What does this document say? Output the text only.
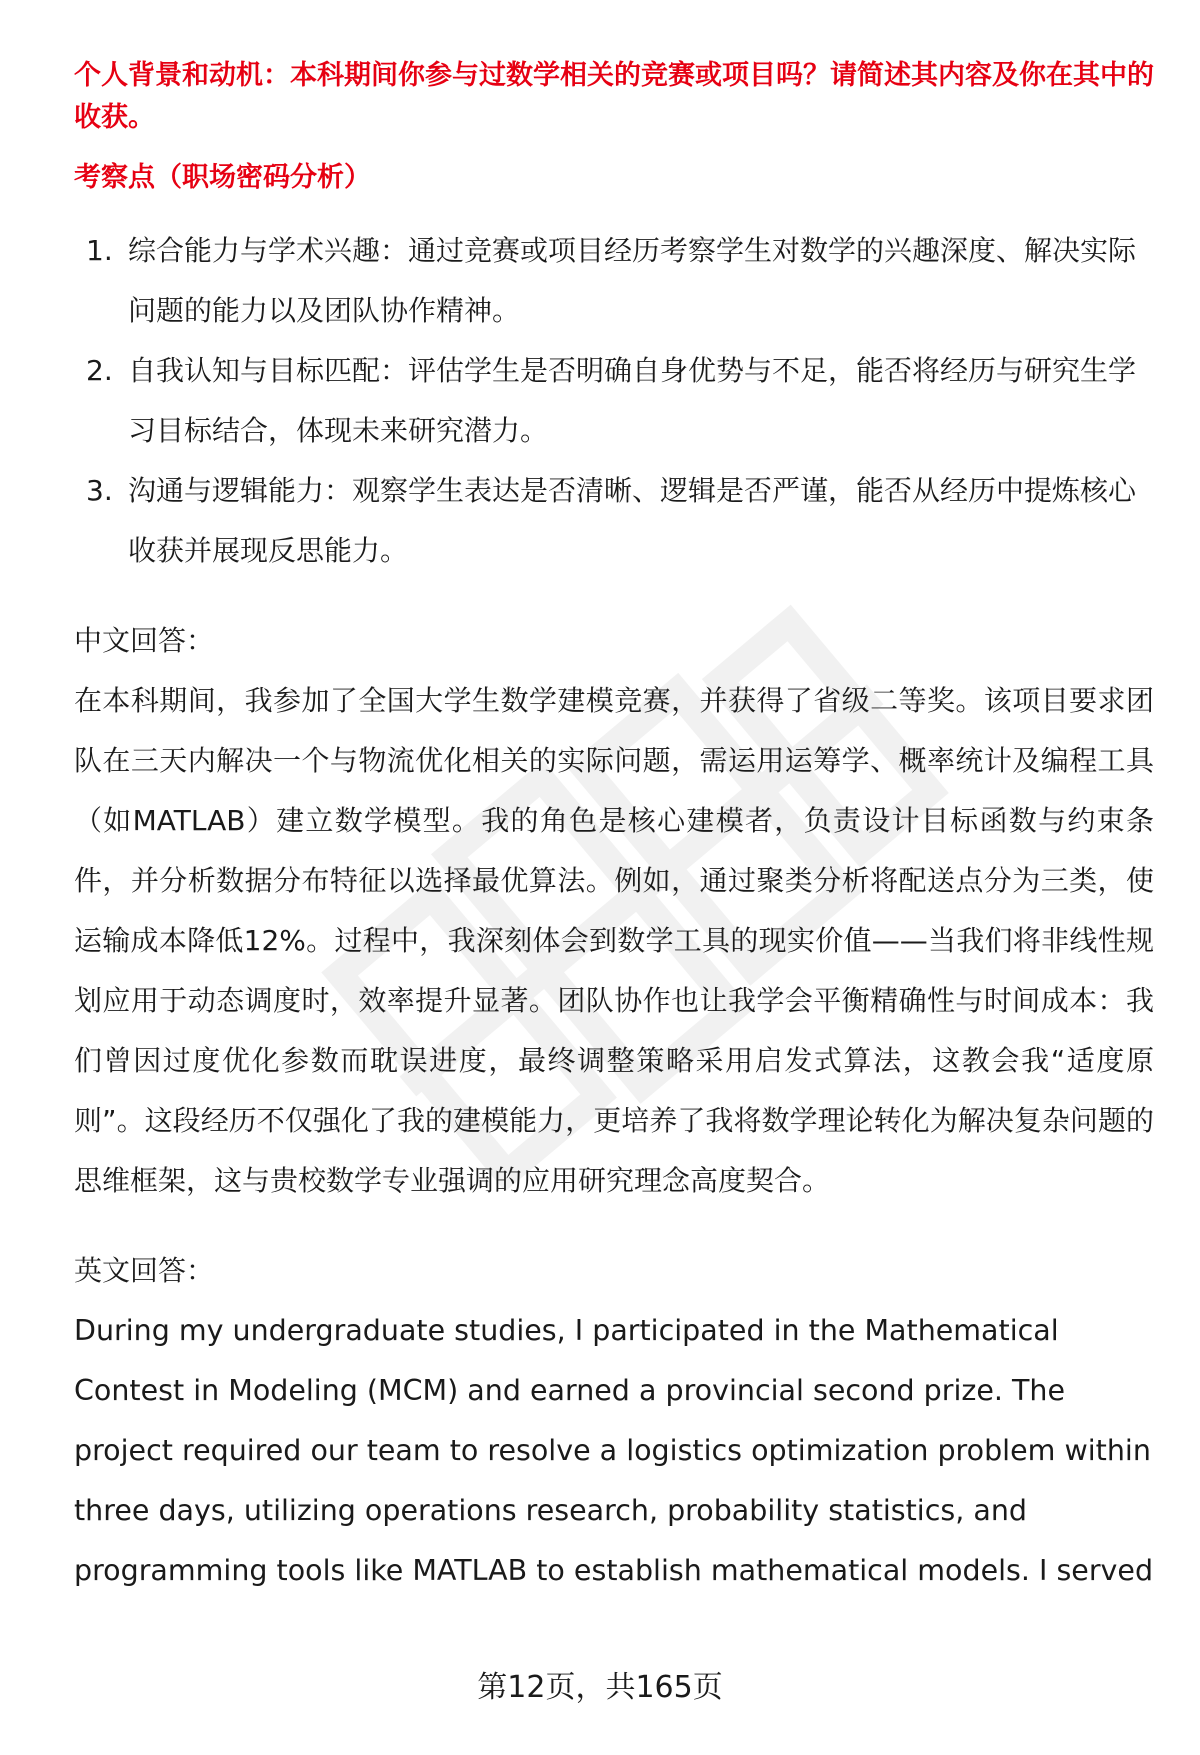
个人背景和动机：本科期间你参与过数学相关的竞赛或项目吗？请简述其内容及你在其中的收获。

考察点（职场密码分析）

1. 综合能力与学术兴趣：通过竞赛或项目经历考察学生对数学的兴趣深度、解决实际问题的能力以及团队协作精神。
2. 自我认知与目标匹配：评估学生是否明确自身优势与不足，能否将经历与研究生学习目标结合，体现未来研究潜力。
3. 沟通与逻辑能力：观察学生表达是否清晰、逻辑是否严谨，能否从经历中提炼核心收获并展现反思能力。

中文回答：

在本科期间，我参加了全国大学生数学建模竞赛，并获得了省级二等奖。该项目要求团队在三天内解决一个与物流优化相关的实际问题，需运用运筹学、概率统计及编程工具（如MATLAB）建立数学模型。我的角色是核心建模者，负责设计目标函数与约束条件，并分析数据分布特征以选择最优算法。例如，通过聚类分析将配送点分为三类，使运输成本降低12%。过程中，我深刻体会到数学工具的现实价值——当我们将非线性规划应用于动态调度时，效率提升显著。团队协作也让我学会平衡精确性与时间成本：我们曾因过度优化参数而耽误进度，最终调整策略采用启发式算法，这教会我“适度原则”。这段经历不仅强化了我的建模能力，更培养了我将数学理论转化为解决复杂问题的思维框架，这与贵校数学专业强调的应用研究理念高度契合。

英文回答：

During my undergraduate studies, I participated in the Mathematical Contest in Modeling (MCM) and earned a provincial second prize. The project required our team to resolve a logistics optimization problem within three days, utilizing operations research, probability statistics, and programming tools like MATLAB to establish mathematical models. I served

第12页，共165页
